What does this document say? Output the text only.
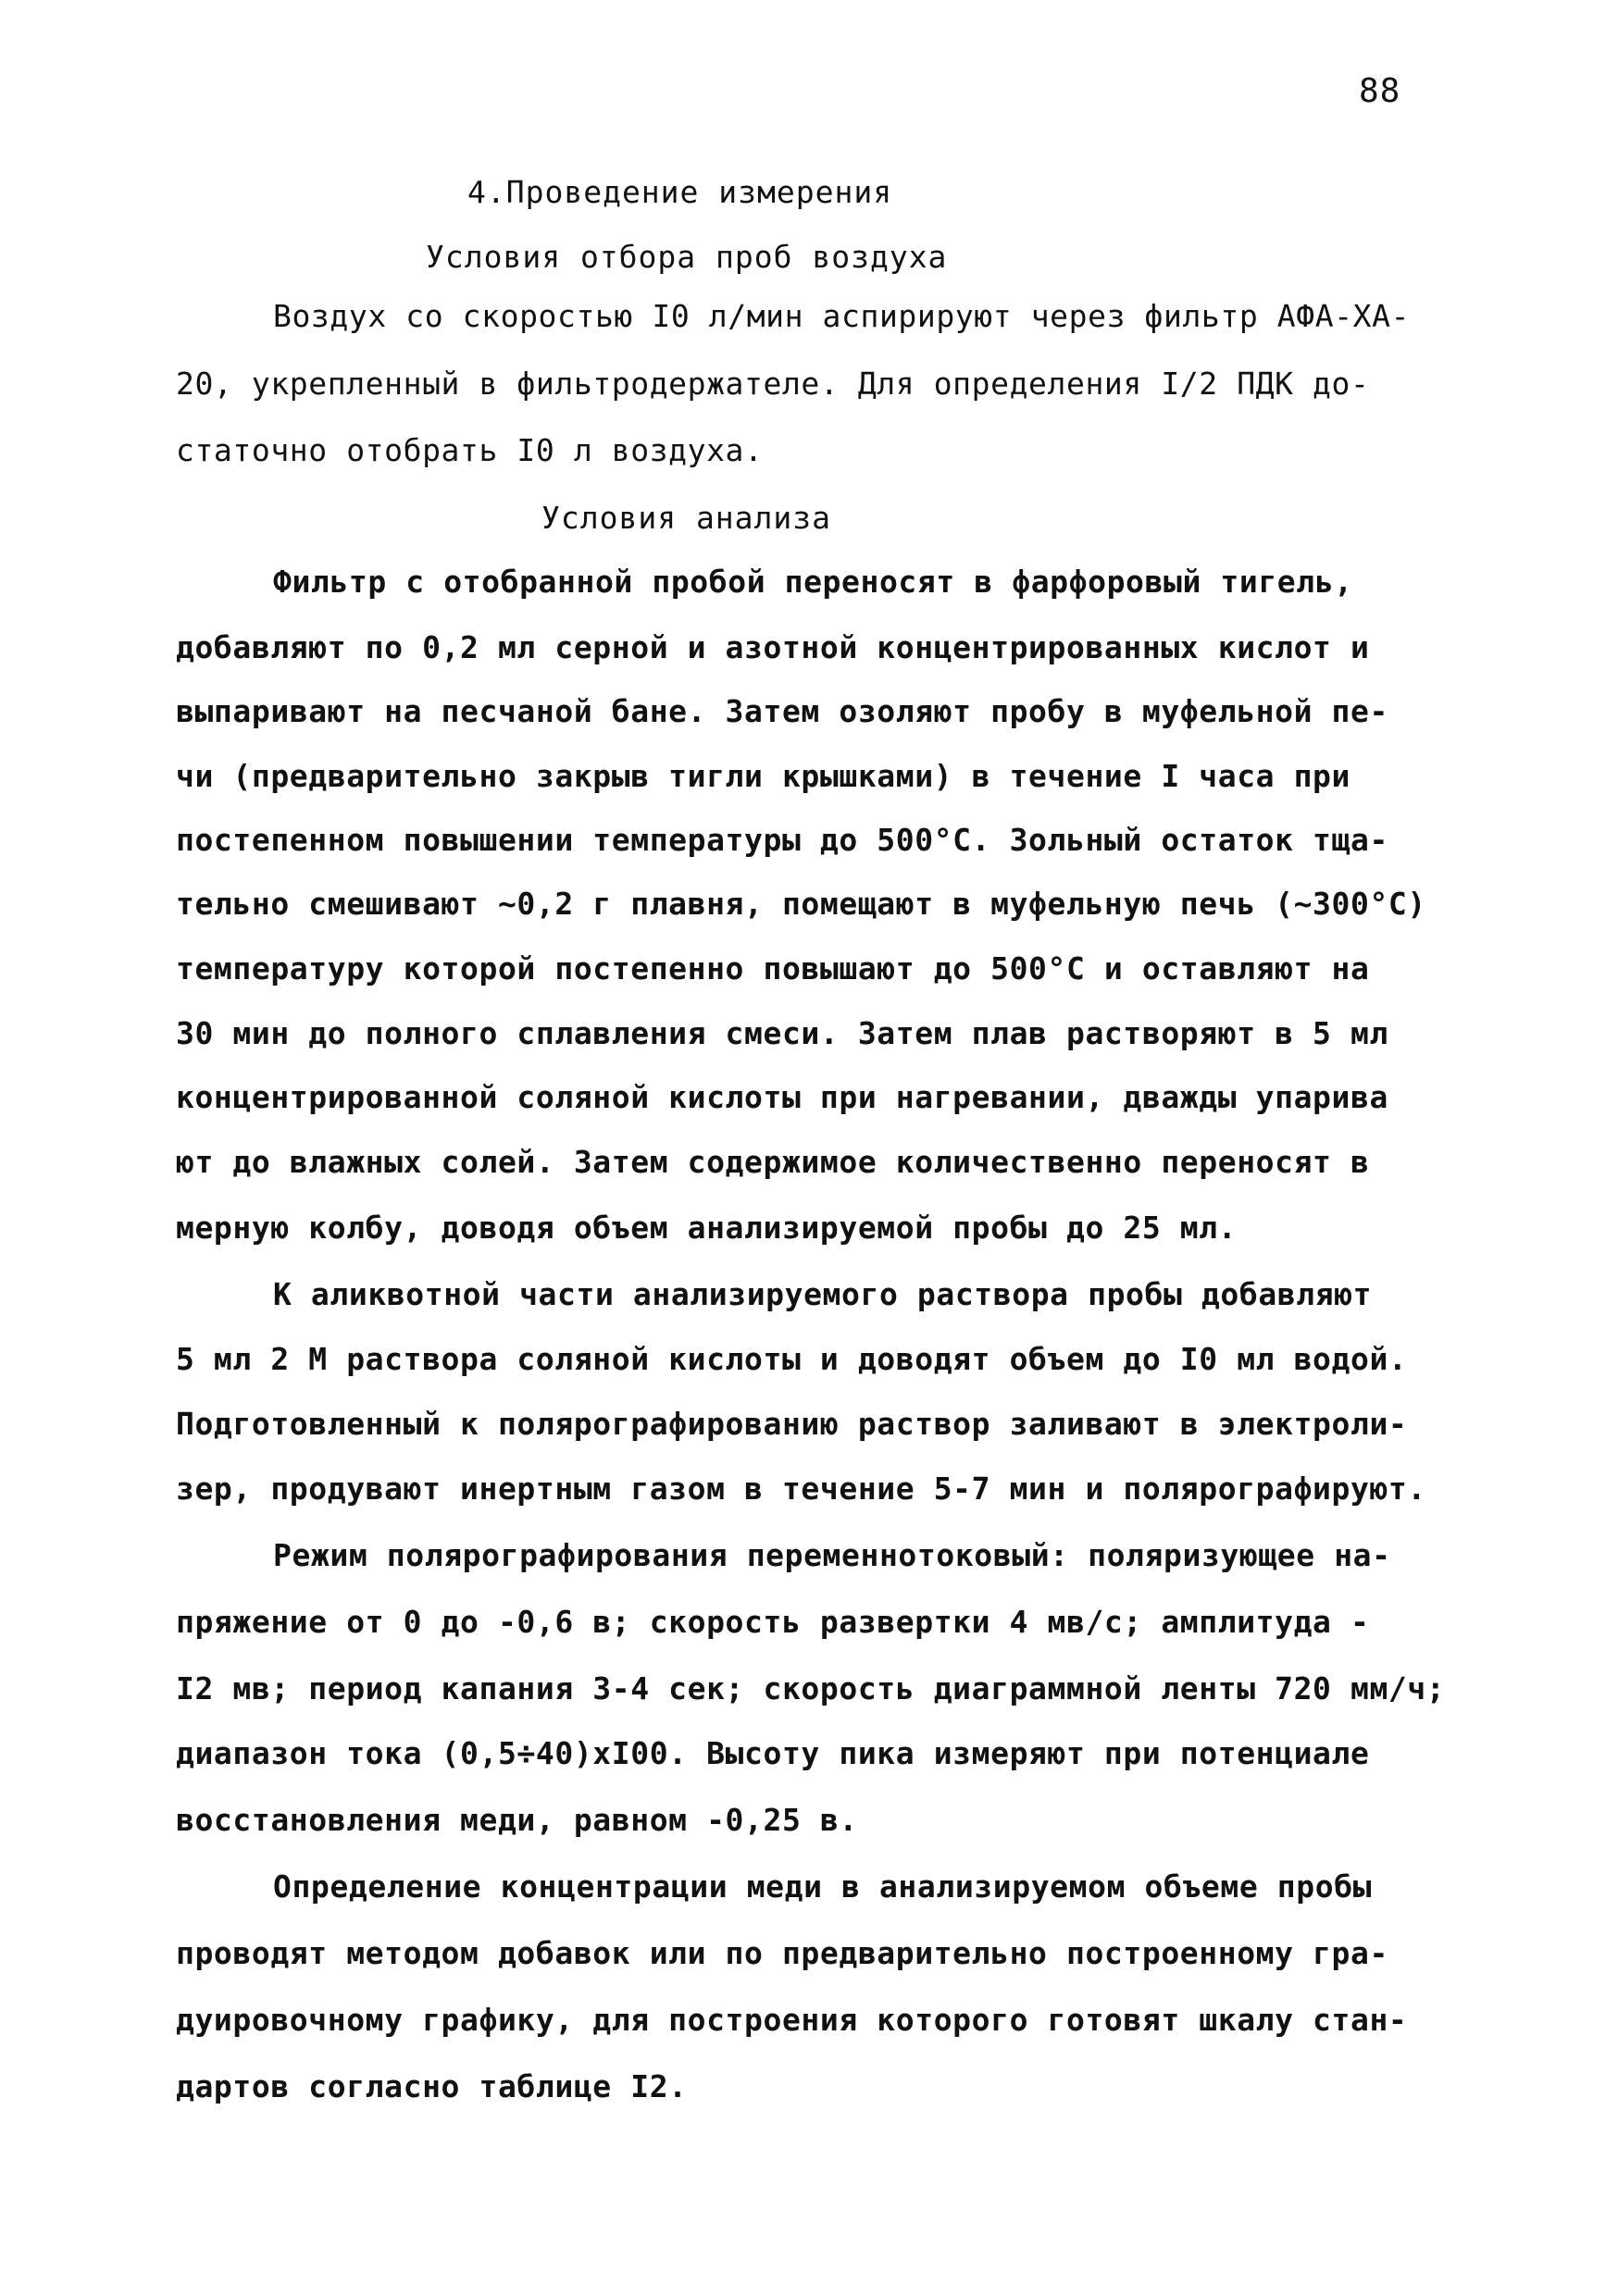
88
4.Проведение измерения
Условия отбора проб воздуха
Воздух со скоростью I0 л/мин аспирируют через фильтр АФА-ХА-
20, укрепленный в фильтродержателе. Для определения I/2 ПДК до-
статочно отобрать I0 л воздуха.
Условия анализа
Фильтр с отобранной пробой переносят в фарфоровый тигель,
добавляют по 0,2 мл серной и азотной концентрированных кислот и
выпаривают на песчаной бане. Затем озоляют пробу в муфельной пе-
чи (предварительно закрыв тигли крышками) в течение I часа при
постепенном повышении температуры до 500°С. Зольный остаток тща-
тельно смешивают ~0,2 г плавня, помещают в муфельную печь (~300°С)
температуру которой постепенно повышают до 500°С и оставляют на
30 мин до полного сплавления смеси. Затем плав растворяют в 5 мл
концентрированной соляной кислоты при нагревании, дважды упарива
ют до влажных солей. Затем содержимое количественно переносят в
мерную колбу, доводя объем анализируемой пробы до 25 мл.
К аликвотной части анализируемого раствора пробы добавляют
5 мл 2 М раствора соляной кислоты и доводят объем до I0 мл водой.
Подготовленный к полярографированию раствор заливают в электроли-
зер, продувают инертным газом в течение 5-7 мин и полярографируют.
Режим полярографирования переменнотоковый: поляризующее на-
пряжение от 0 до -0,6 в; скорость развертки 4 мв/с; амплитуда -
I2 мв; период капания 3-4 сек; скорость диаграммной ленты 720 мм/ч;
диапазон тока (0,5÷40)хI00. Высоту пика измеряют при потенциале
восстановления меди, равном -0,25 в.
Определение концентрации меди в анализируемом объеме пробы
проводят методом добавок или по предварительно построенному гра-
дуировочному графику, для построения которого готовят шкалу стан-
дартов согласно таблице I2.
